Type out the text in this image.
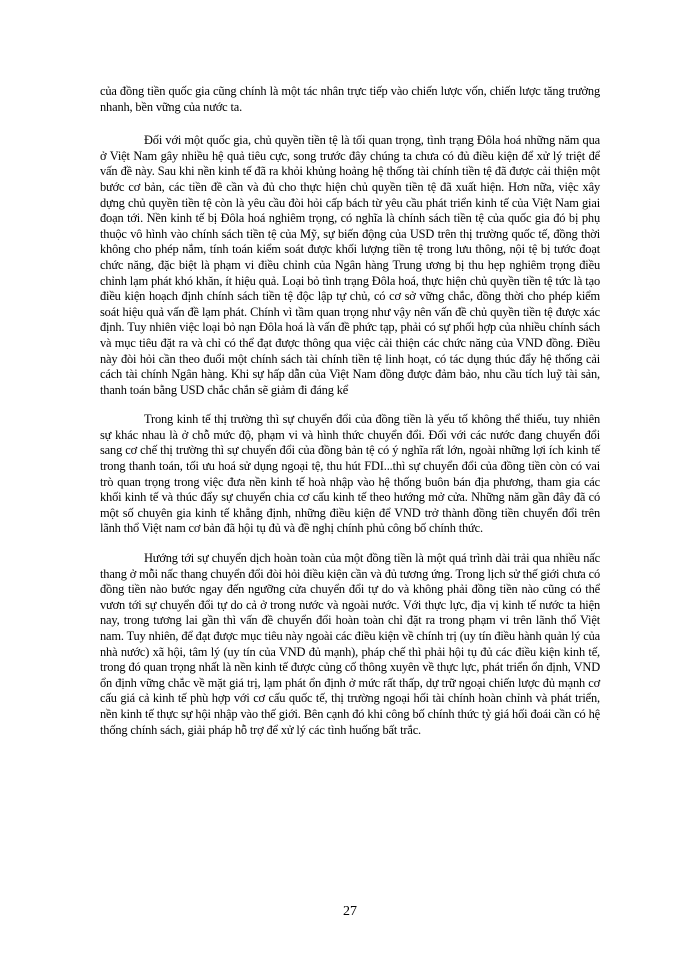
của đồng tiền quốc gia cũng chính là một tác nhân trực tiếp vào chiến lược vốn, chiến lược tăng trưởng nhanh, bền vững của nước ta.

Đối với một quốc gia, chủ quyền tiền tệ là tối quan trọng, tình trạng Đôla hoá những năm qua ở Việt Nam gây nhiều hệ quả tiêu cực, song trước đây chúng ta chưa có đủ điều kiện để xử lý triệt để vấn đề này. Sau khi nền kinh tế đã ra khỏi khủng hoảng hệ thống tài chính tiền tệ đã được cải thiện một bước cơ bản, các tiền đề cần và đủ cho thực hiện chủ quyền tiền tệ đã xuất hiện. Hơn nữa, việc xây dựng chủ quyền tiền tệ còn là yêu cầu đòi hỏi cấp bách từ yêu cầu phát triển kinh tế của Việt Nam giai đoạn tới. Nền kinh tế bị Đôla hoá nghiêm trọng, có nghĩa là chính sách tiền tệ của quốc gia đó bị phụ thuộc vô hình vào chính sách tiền tệ của Mỹ, sự biến động của USD trên thị trường quốc tế, đồng thời không cho phép nắm, tính toán kiểm soát được khối lượng tiền tệ trong lưu thông, nội tệ bị tước đoạt chức năng, đặc biệt là phạm vi điều chỉnh của Ngân hàng Trung ương bị thu hẹp nghiêm trọng điều chỉnh lạm phát khó khăn, ít hiệu quả. Loại bỏ tình trạng Đôla hoá, thực hiện chủ quyền tiền tệ tức là tạo điều kiện hoạch định chính sách tiền tệ độc lập tự chủ, có cơ sở vững chắc, đồng thời cho phép kiểm soát hiệu quả vấn đề lạm phát. Chính vì tầm quan trọng như vậy nên vấn đề chủ quyền tiền tệ được xác định. Tuy nhiên việc loại bỏ nạn Đôla hoá là vấn đề phức tạp, phải có sự phối hợp của nhiều chính sách và mục tiêu đặt ra và chỉ có thể đạt được thông qua việc cải thiện các chức năng của VND đồng. Điều này đòi hỏi cần theo đuổi một chính sách tài chính tiền tệ linh hoạt, có tác dụng thúc đẩy hệ thống cải cách tài chính Ngân hàng. Khi sự hấp dẫn của Việt Nam đồng được đảm bảo, nhu cầu tích luỹ tài sản, thanh toán bằng USD chắc chắn sẽ giảm đi đáng kể

Trong kinh tế thị trường thì sự chuyển đổi của đồng tiền là yếu tố không thể thiếu, tuy nhiên sự khác nhau là ở chỗ mức độ, phạm vi và hình thức chuyển đổi. Đối với các nước đang chuyển đổi sang cơ chế thị trường thì sự chuyển đổi của đồng bản tệ có ý nghĩa rất lớn, ngoài những lợi ích kinh tế trong thanh toán, tối ưu hoá sử dụng ngoại tệ, thu hút FDI...thì sự chuyển đổi của đồng tiền còn có vai trò quan trọng trong việc đưa nền kinh tế hoà nhập vào hệ thống buôn bán địa phương, tham gia các khối kinh tế và thúc đẩy sự chuyển chia cơ cấu kinh tế theo hướng mở cửa. Những năm gần đây đã có một số chuyên gia kinh tế khẳng định, những điều kiện để VND trở thành đồng tiền chuyển đổi trên lãnh thổ Việt nam cơ bản đã hội tụ đủ và đề nghị chính phủ công bố chính thức.

Hướng tới sự chuyển dịch hoàn toàn của một đồng tiền là một quá trình dài trải qua nhiều nấc thang ở mỗi nấc thang chuyển đổi đòi hỏi điều kiện cần và đủ tương ứng. Trong lịch sử thế giới chưa có đồng tiền nào bước ngay đến ngưỡng cửa chuyển đổi tự do và không phải đồng tiền nào cũng có thể vươn tới sự chuyển đổi tự do cả ở trong nước và ngoài nước. Với thực lực, địa vị kinh tế nước ta hiện nay, trong tương lai gần thì vấn đề chuyển đổi hoàn toàn chỉ đặt ra trong phạm vi trên lãnh thổ Việt nam. Tuy nhiên, để đạt được mục tiêu này ngoài các điều kiện về chính trị (uy tín điều hành quản lý của nhà nước) xã hội, tâm lý (uy tín của VND đủ mạnh), pháp chế thì phải hội tụ đủ các điều kiện kinh tế, trong đó quan trọng nhất là nền kinh tế được củng cố thông xuyên về thực lực, phát triển ổn định, VND ổn định vững chắc về mặt giá trị, lạm phát ổn định ở mức rất thấp, dự trữ ngoại chiến lược đủ mạnh cơ cấu giá cả kinh tế phù hợp với cơ cấu quốc tế, thị trường ngoại hối tài chính hoàn chỉnh và phát triển, nền kinh tế thực sự hội nhập vào thế giới. Bên cạnh đó khi công bố chính thức tỷ giá hối đoái cần có hệ thống chính sách, giải pháp hỗ trợ để xử lý các tình huống bất trắc.

27
